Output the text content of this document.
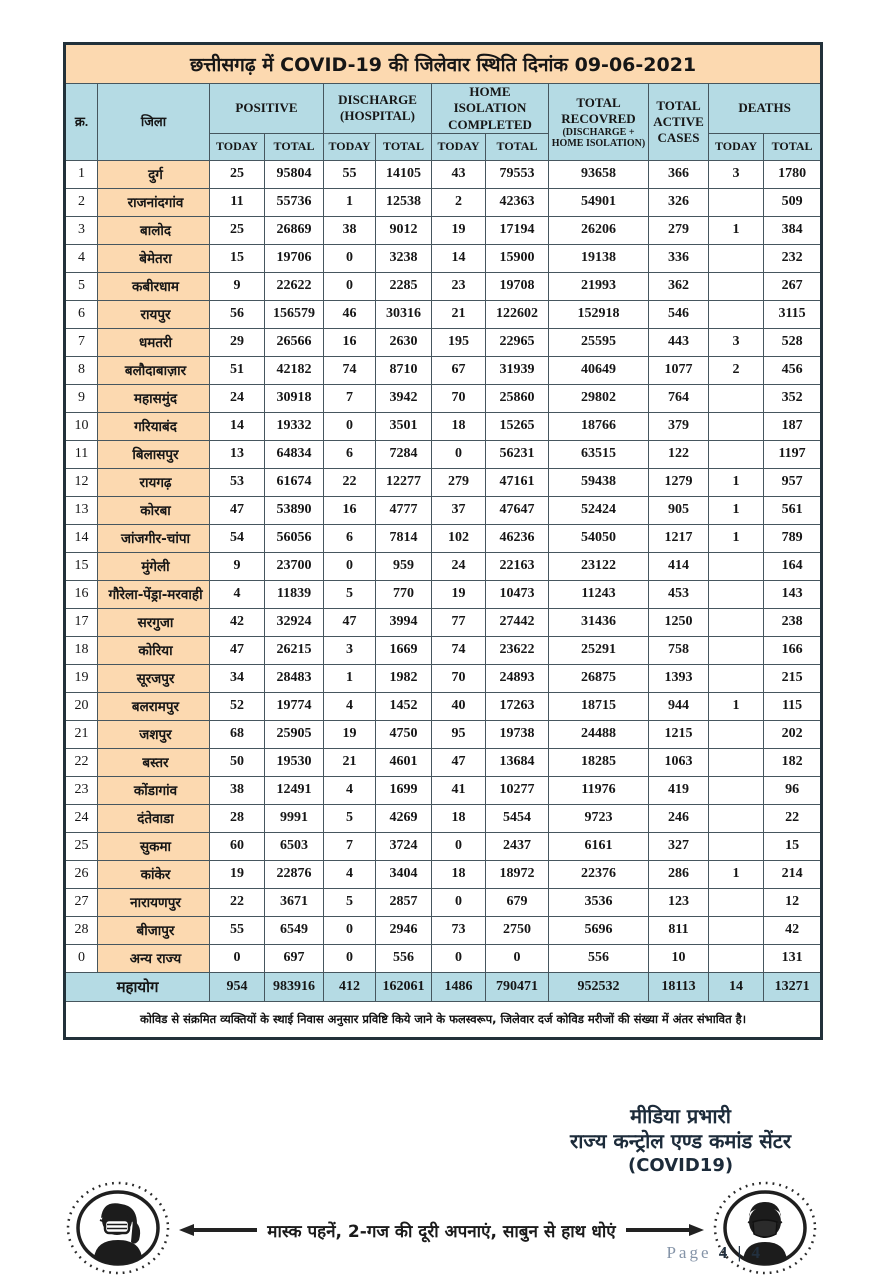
छत्तीसगढ़ में COVID-19 की जिलेवार स्थिति दिनांक 09-06-2021											
क्र.	जिला	POSITIVE		DISCHARGE (HOSPITAL)		HOME ISOLATION COMPLETED		TOTAL RECOVRED
(DISCHARGE + HOME ISOLATION)	TOTAL ACTIVE CASES	DEATHS	
		TODAY	TOTAL	TODAY	TOTAL	TODAY	TOTAL			TODAY	TOTAL
1	दुर्ग	25	95804	55	14105	43	79553	93658	366	3	1780
2	राजनांदगांव	11	55736	1	12538	2	42363	54901	326		509
3	बालोद	25	26869	38	9012	19	17194	26206	279	1	384
4	बेमेतरा	15	19706	0	3238	14	15900	19138	336		232
5	कबीरधाम	9	22622	0	2285	23	19708	21993	362		267
6	रायपुर	56	156579	46	30316	21	122602	152918	546		3115
7	धमतरी	29	26566	16	2630	195	22965	25595	443	3	528
8	बलौदाबाज़ार	51	42182	74	8710	67	31939	40649	1077	2	456
9	महासमुंद	24	30918	7	3942	70	25860	29802	764		352
10	गरियाबंद	14	19332	0	3501	18	15265	18766	379		187
11	बिलासपुर	13	64834	6	7284	0	56231	63515	122		1197
12	रायगढ़	53	61674	22	12277	279	47161	59438	1279	1	957
13	कोरबा	47	53890	16	4777	37	47647	52424	905	1	561
14	जांजगीर-चांपा	54	56056	6	7814	102	46236	54050	1217	1	789
15	मुंगेली	9	23700	0	959	24	22163	23122	414		164
16	गौरेला-पेंड्रा-मरवाही	4	11839	5	770	19	10473	11243	453		143
17	सरगुजा	42	32924	47	3994	77	27442	31436	1250		238
18	कोरिया	47	26215	3	1669	74	23622	25291	758		166
19	सूरजपुर	34	28483	1	1982	70	24893	26875	1393		215
20	बलरामपुर	52	19774	4	1452	40	17263	18715	944	1	115
21	जशपुर	68	25905	19	4750	95	19738	24488	1215		202
22	बस्तर	50	19530	21	4601	47	13684	18285	1063		182
23	कोंडागांव	38	12491	4	1699	41	10277	11976	419		96
24	दंतेवाडा	28	9991	5	4269	18	5454	9723	246		22
25	सुकमा	60	6503	7	3724	0	2437	6161	327		15
26	कांकेर	19	22876	4	3404	18	18972	22376	286	1	214
27	नारायणपुर	22	3671	5	2857	0	679	3536	123		12
28	बीजापुर	55	6549	0	2946	73	2750	5696	811		42
0	अन्य राज्य	0	697	0	556	0	0	556	10		131
महायोग		954	983916	412	162061	1486	790471	952532	18113	14	13271
कोविड से संक्रमित व्यक्तियों के स्थाई निवास अनुसार प्रविष्टि किये जाने के फलस्वरूप, जिलेवार दर्ज कोविड मरीजों की संख्या में अंतर संभावित है।											
मीडिया प्रभारी
राज्य कन्ट्रोल एण्ड कमांड सेंटर
(COVID19)
मास्क पहनें, 2-गज की दूरी अपनाएं, साबुन से हाथ धोएं
Page 4 | 4
